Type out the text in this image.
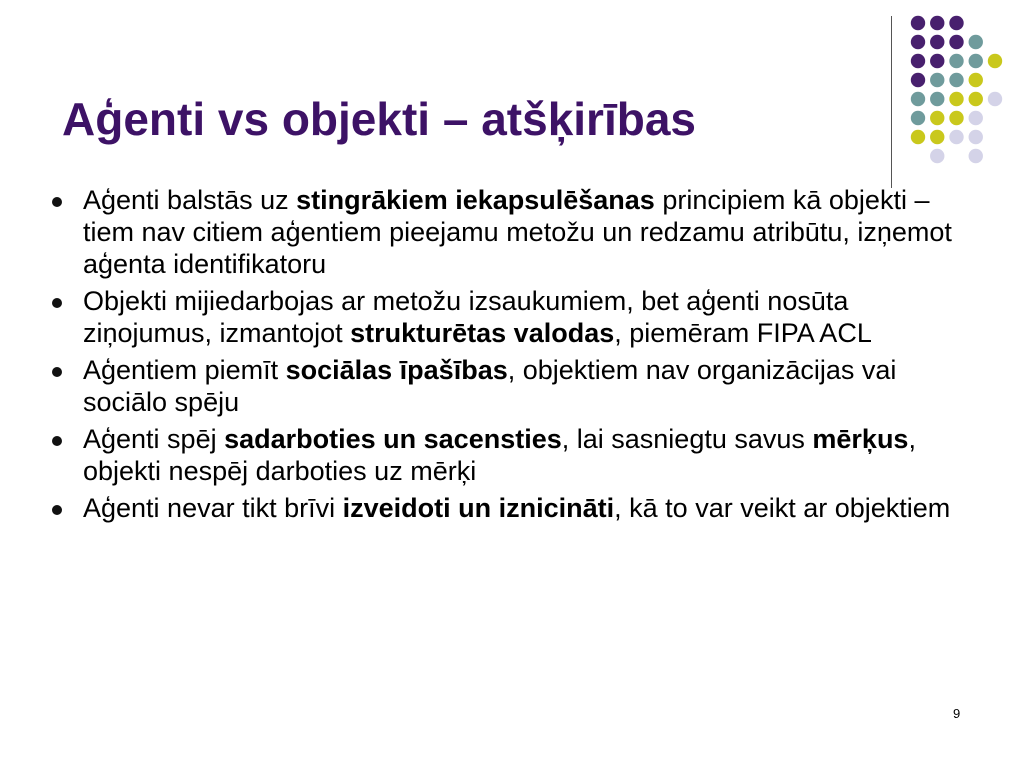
Aģenti vs objekti – atšķirības
Aģenti balstās uz stingrākiem iekapsulēšanas principiem kā objekti – tiem nav citiem aģentiem pieejamu metožu un redzamu atribūtu, izņemot aģenta identifikatoru
Objekti mijiedarbojas ar metožu izsaukumiem, bet aģenti nosūta ziņojumus, izmantojot strukturētas valodas, piemēram FIPA ACL
Aģentiem piemīt sociālas īpašības, objektiem nav organizācijas vai sociālo spēju
Aģenti spēj sadarboties un sacensties, lai sasniegtu savus mērķus, objekti nespēj darboties uz mērķi
Aģenti nevar tikt brīvi izveidoti un iznicināti, kā to var veikt ar objektiem
9
